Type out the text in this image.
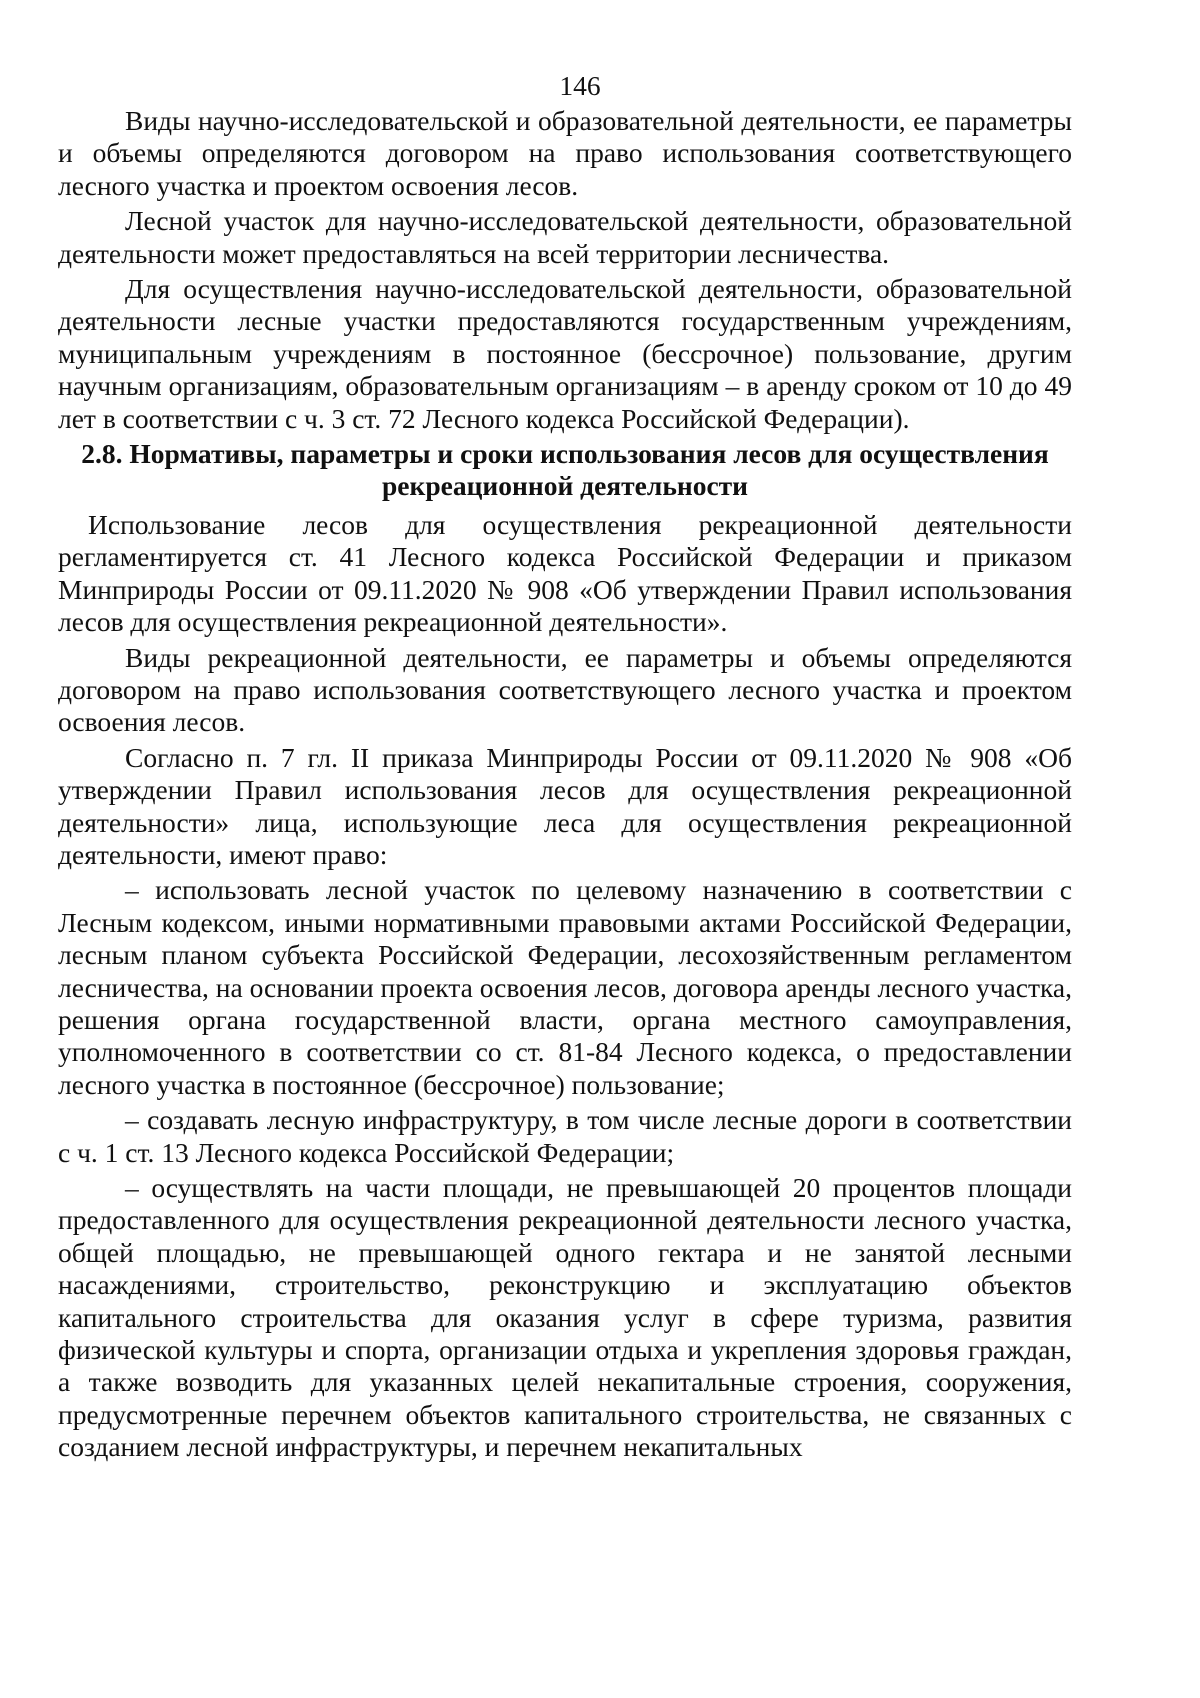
146

Виды научно-исследовательской и образовательной деятельности, ее параметры и объемы определяются договором на право использования соответствующего лесного участка и проектом освоения лесов.

Лесной участок для научно-исследовательской деятельности, образовательной деятельности может предоставляться на всей территории лесничества.

Для осуществления научно-исследовательской деятельности, образовательной деятельности лесные участки предоставляются государственным учреждениям, муниципальным учреждениям в постоянное (бессрочное) пользование, другим научным организациям, образовательным организациям – в аренду сроком от 10 до 49 лет в соответствии с ч. 3 ст. 72 Лесного кодекса Российской Федерации).

2.8. Нормативы, параметры и сроки использования лесов для осуществления рекреационной деятельности

Использование лесов для осуществления рекреационной деятельности регламентируется ст. 41 Лесного кодекса Российской Федерации и приказом Минприроды России от 09.11.2020 № 908 «Об утверждении Правил использования лесов для осуществления рекреационной деятельности».

Виды рекреационной деятельности, ее параметры и объемы определяются договором на право использования соответствующего лесного участка и проектом освоения лесов.

Согласно п. 7 гл. II приказа Минприроды России от 09.11.2020 № 908 «Об утверждении Правил использования лесов для осуществления рекреационной деятельности» лица, использующие леса для осуществления рекреационной деятельности, имеют право:

– использовать лесной участок по целевому назначению в соответствии с Лесным кодексом, иными нормативными правовыми актами Российской Федерации, лесным планом субъекта Российской Федерации, лесохозяйственным регламентом лесничества, на основании проекта освоения лесов, договора аренды лесного участка, решения органа государственной власти, органа местного самоуправления, уполномоченного в соответствии со ст. 81-84 Лесного кодекса, о предоставлении лесного участка в постоянное (бессрочное) пользование;

– создавать лесную инфраструктуру, в том числе лесные дороги в соответствии с ч. 1 ст. 13 Лесного кодекса Российской Федерации;

– осуществлять на части площади, не превышающей 20 процентов площади предоставленного для осуществления рекреационной деятельности лесного участка, общей площадью, не превышающей одного гектара и не занятой лесными насаждениями, строительство, реконструкцию и эксплуатацию объектов капитального строительства для оказания услуг в сфере туризма, развития физической культуры и спорта, организации отдыха и укрепления здоровья граждан, а также возводить для указанных целей некапитальные строения, сооружения, предусмотренные перечнем объектов капитального строительства, не связанных с созданием лесной инфраструктуры, и перечнем некапитальных
